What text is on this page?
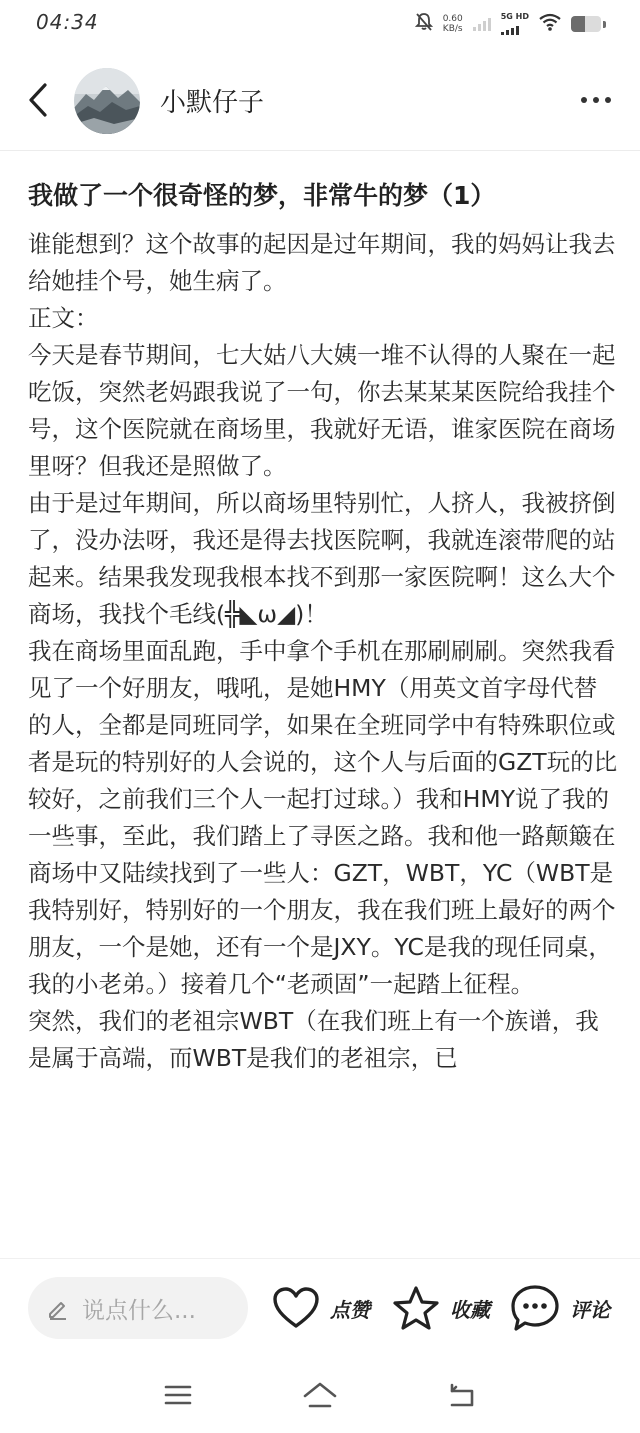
04:34	0.60
KB/s
5G HD
小默仔子
我做了一个很奇怪的梦，非常牛的梦（1）

谁能想到？这个故事的起因是过年期间，我的妈妈让我去给她挂个号，她生病了。

正文：

今天是春节期间，七大姑八大姨一堆不认得的人聚在一起吃饭，突然老妈跟我说了一句，你去某某某医院给我挂个号，这个医院就在商场里，我就好无语，谁家医院在商场里呀？但我还是照做了。

由于是过年期间，所以商场里特别忙，人挤人，我被挤倒了，没办法呀，我还是得去找医院啊，我就连滚带爬的站起来。结果我发现我根本找不到那一家医院啊！这么大个商场，我找个毛线(╬◣ω◢)！

我在商场里面乱跑，手中拿个手机在那刷刷刷。突然我看见了一个好朋友，哦吼，是她HMY（用英文首字母代替的人，全都是同班同学，如果在全班同学中有特殊职位或者是玩的特别好的人会说的，这个人与后面的GZT玩的比较好，之前我们三个人一起打过球。）我和HMY说了我的一些事，至此，我们踏上了寻医之路。我和他一路颠簸在商场中又陆续找到了一些人：GZT，WBT，YC（WBT是我特别好，特别好的一个朋友，我在我们班上最好的两个朋友，一个是她，还有一个是JXY。YC是我的现任同桌，我的小老弟。）接着几个“老顽固”一起踏上征程。

突然，我们的老祖宗WBT（在我们班上有一个族谱，我是属于高端，而WBT是我们的老祖宗，已

说点什么...	点赞	收藏	评论
